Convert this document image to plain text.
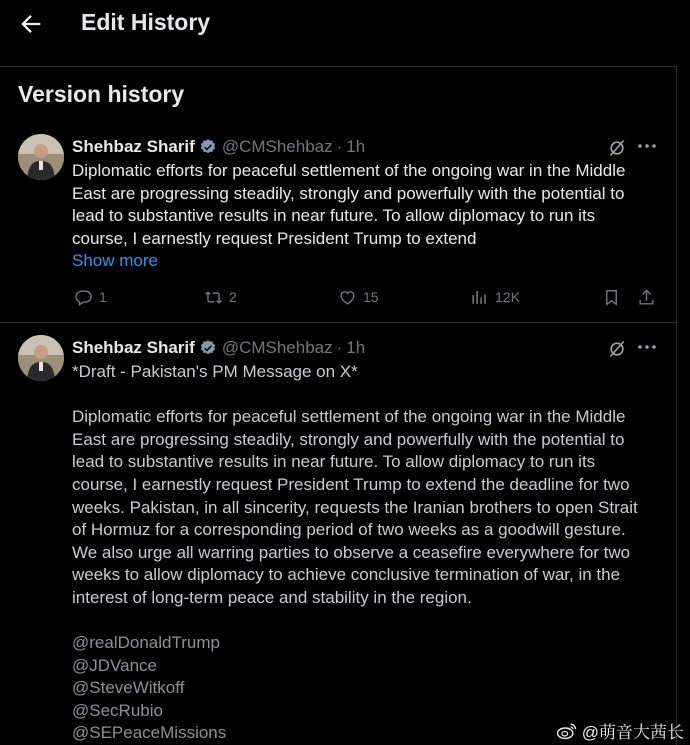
Edit History
Version history
Shehbaz Sharif @CMShehbaz · 1h
Diplomatic efforts for peaceful settlement of the ongoing war in the Middle
East are progressing steadily, strongly and powerfully with the potential to
lead to substantive results in near future. To allow diplomacy to run its
course, I earnestly request President Trump to extend
Show more
1	2	15	12K
Shehbaz Sharif @CMShehbaz · 1h
*Draft - Pakistan's PM Message on X*
Diplomatic efforts for peaceful settlement of the ongoing war in the Middle
East are progressing steadily, strongly and powerfully with the potential to
lead to substantive results in near future. To allow diplomacy to run its
course, I earnestly request President Trump to extend the deadline for two
weeks. Pakistan, in all sincerity, requests the Iranian brothers to open Strait
of Hormuz for a corresponding period of two weeks as a goodwill gesture.
We also urge all warring parties to observe a ceasefire everywhere for two
weeks to allow diplomacy to achieve conclusive termination of war, in the
interest of long-term peace and stability in the region.
@realDonaldTrump
@JDVance
@SteveWitkoff
@SecRubio
@SEPeaceMissions	@萌音大茜长
